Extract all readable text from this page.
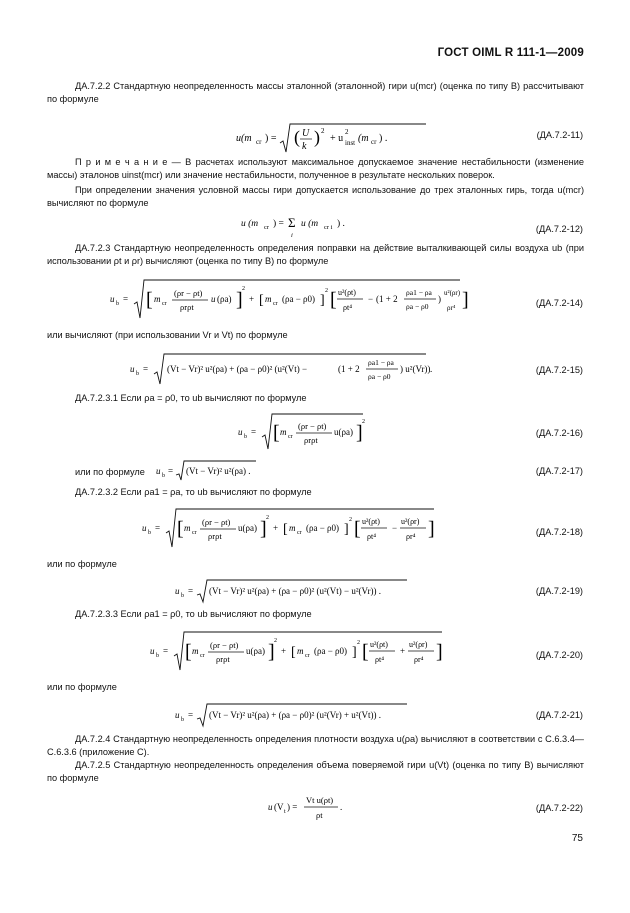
ГОСТ OIML R 111-1—2009
ДА.7.2.2 Стандартную неопределенность массы эталонной (эталонной) гири u(mcr) (оценка по типу B) рассчитывают по формуле
u(m cr ) = ( U
k ) 2
+ u
2
inst (m cr ) .	(ДА.7.2-11)
П р и м е ч а н и е — В расчетах используют максимальное допускаемое значение нестабильности (изменение массы) эталонов uinst(mcr) или значение нестабильности, полученное в результате нескольких поверок.
При определении значения условной массы гири допускается использование до трех эталонных гирь, тогда u(mcr) вычисляют по формуле
u (m cr ) = Σ
i
u (m cr i ) .	(ДА.7.2-12)
ДА.7.2.3 Стандартную неопределенность определения поправки на действие выталкивающей силы воздуха ub (при использовании ρt и ρr) вычисляют (оценка по типу B) по формуле
u b = [ m cr
(ρr − ρt)
ρrρt
u (ρa) ] 2
+ [ m cr (ρa − ρ0) ]
2 [ u²(ρt)
ρt⁴
− (1 + 2
ρa1 − ρa
ρa − ρ0
)
u²(ρr)
ρr⁴ ]	(ДА.7.2-14)
или вычисляют (при использовании Vr и Vt) по формуле
u b = (Vt − Vr)² u²(ρa) + (ρa − ρ0)² (u²(Vt) −	(1 + 2
ρa1 − ρa
ρa − ρ0
) u²(Vr)) .	(ДА.7.2-15)
ДА.7.2.3.1 Если ρa = ρ0, то ub вычисляют по формуле
u b = [ m cr
(ρr − ρt)
ρrρt
u(ρa) ] 2
(ДА.7.2-16)
или по формуле u b = (Vt − Vr)² u²(ρa) .	(ДА.7.2-17)
ДА.7.2.3.2 Если ρa1 = ρa, то ub вычисляют по формуле
u b = [ m cr
(ρr − ρt)
ρrρt
u(ρa) ] 2
+ [ m cr (ρa − ρ0) ]
2 [ u²(ρt)
ρt⁴
−
u²(ρr)
ρr⁴ ]	(ДА.7.2-18)
или по формуле
u b = (Vt − Vr)² u²(ρa) + (ρa − ρ0)² (u²(Vt) − u²(Vr)) .	(ДА.7.2-19)
ДА.7.2.3.3 Если ρa1 = ρ0, то ub вычисляют по формуле
u b = [ m cr
(ρr − ρt)
ρrρt
u(ρa) ] 2
+ [ m cr (ρa − ρ0) ]
2 [ u²(ρt)
ρt⁴
+
u²(ρr)
ρr⁴ ]	(ДА.7.2-20)
или по формуле
u b = (Vt − Vr)² u²(ρa) + (ρa − ρ0)² (u²(Vr) + u²(Vt)) .	(ДА.7.2-21)
ДА.7.2.4 Стандартную неопределенность определения плотности воздуха u(ρa) вычисляют в соответствии с С.6.3.4—С.6.3.6 (приложение С).
ДА.7.2.5 Стандартную неопределенность определения объема поверяемой гири u(Vt) (оценка по типу B) вычисляют по формуле
u (V t ) =
Vt u(ρt)
ρt
.	(ДА.7.2-22)
75
